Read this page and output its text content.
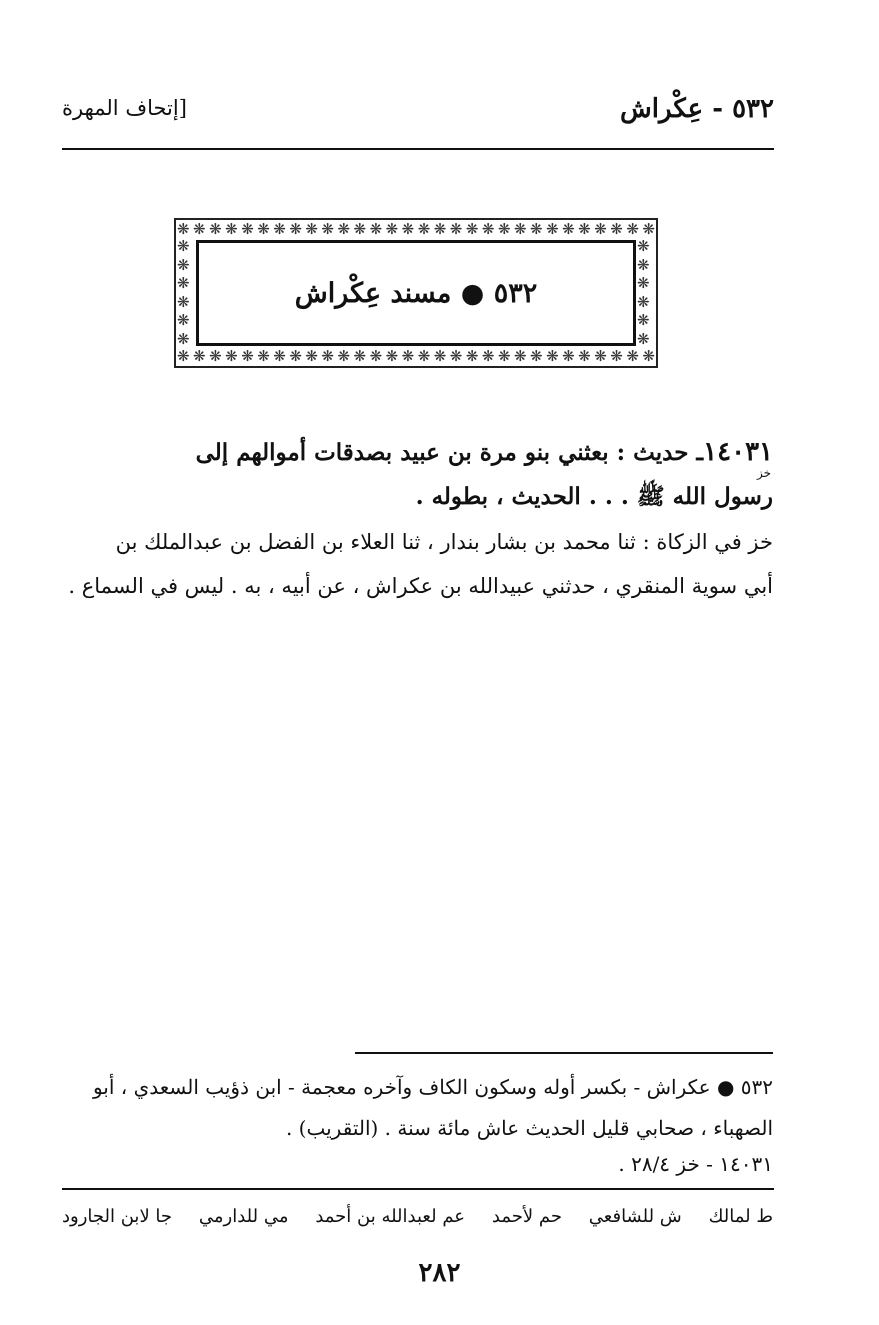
[إتحاف المهرة	٥٣٢ - عِكْراش
❋ ❋ ❋ ❋ ❋ ❋ ❋ ❋ ❋ ❋ ❋ ❋ ❋ ❋ ❋ ❋ ❋ ❋ ❋ ❋ ❋ ❋ ❋ ❋ ❋ ❋ ❋ ❋ ❋ ❋
❋ ❋ ❋ ❋ ❋ ❋ ❋ ❋ ❋ ❋ ❋ ❋ ❋ ❋ ❋ ❋ ❋ ❋ ❋ ❋ ❋ ❋ ❋ ❋ ❋ ❋ ❋ ❋ ❋ ❋
❋
❋
❋
❋
❋
❋
❋
❋
❋
❋
❋
❋
٥٣٢ ● مسند عِكْراش
١٤٠٣١ـ حديث : بعثني بنو مرة بن عبيد بصدقات أموالهم إلى
خز
رسول الله ﷺ . . . الحديث ، بطوله .
خز في الزكاة : ثنا محمد بن بشار بندار ، ثنا العلاء بن الفضل بن عبدالملك بن
أبي سوية المنقري ، حدثني عبيدالله بن عكراش ، عن أبيه ، به . ليس في السماع .
٥٣٢ ● عكراش - بكسر أوله وسكون الكاف وآخره معجمة - ابن ذؤيب السعدي ، أبو
الصهباء ، صحابي قليل الحديث عاش مائة سنة . (التقريب) .
١٤٠٣١ - خز ٢٨/٤ .
ط لمالك
ش للشافعي
حم لأحمد
عم لعبدالله بن أحمد
مي للدارمي
جا لابن الجارود
٢٨٢
